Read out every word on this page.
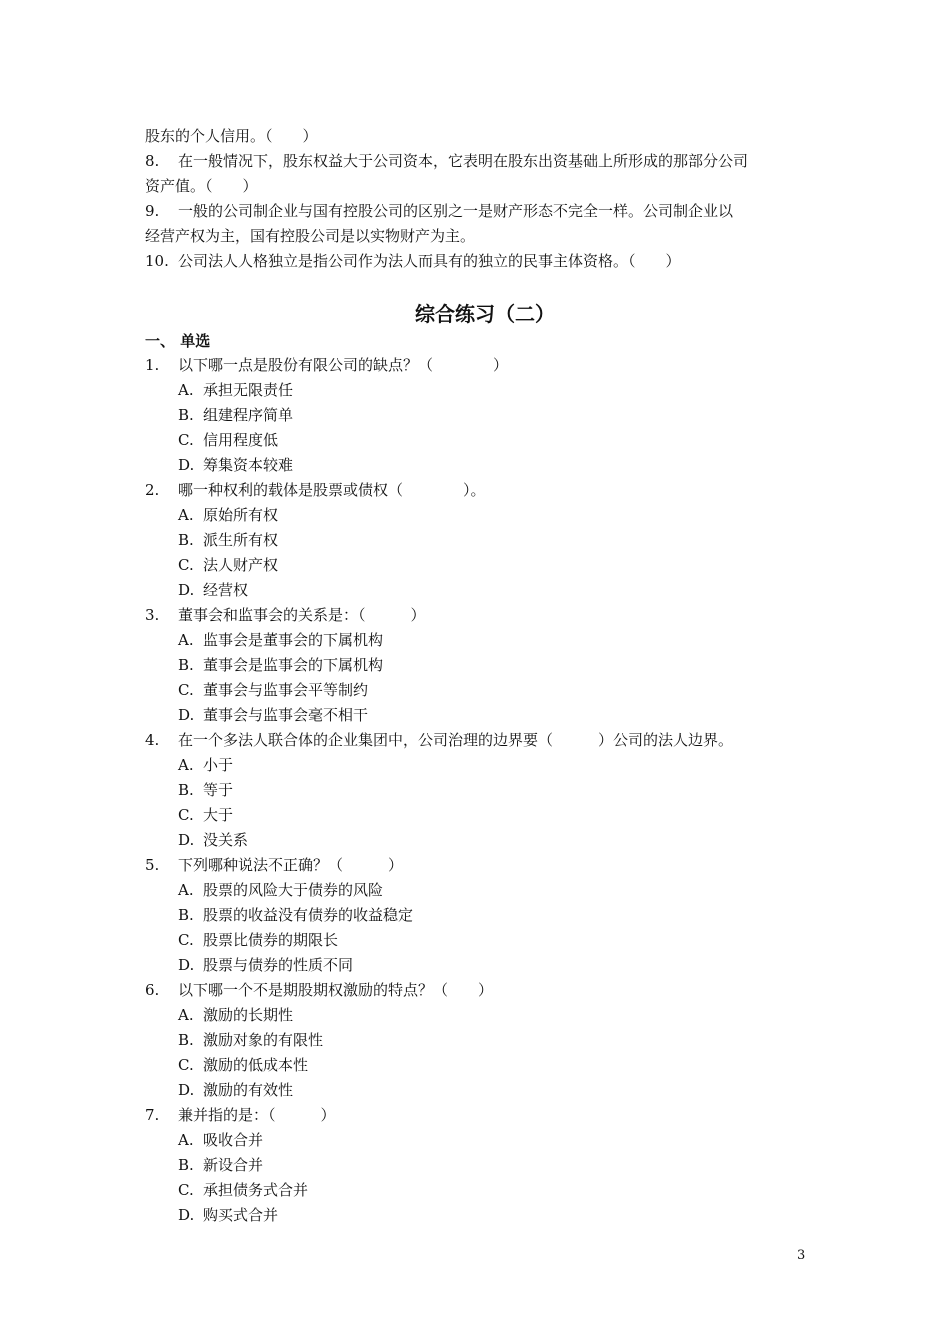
股东的个人信用。（　　）
8. 在一般情况下，股东权益大于公司资本，它表明在股东出资基础上所形成的那部分公司
资产值。（　　）
9. 一般的公司制企业与国有控股公司的区别之一是财产形态不完全一样。公司制企业以
经营产权为主，国有控股公司是以实物财产为主。
10. 公司法人人格独立是指公司作为法人而具有的独立的民事主体资格。（　　）
综合练习（二）
一、 单选
1. 以下哪一点是股份有限公司的缺点？（　　　　）
A. 承担无限责任
B. 组建程序简单
C. 信用程度低
D. 筹集资本较难
2. 哪一种权利的载体是股票或债权（　　　　）。
A. 原始所有权
B. 派生所有权
C. 法人财产权
D. 经营权
3. 董事会和监事会的关系是：（　　　）
A. 监事会是董事会的下属机构
B. 董事会是监事会的下属机构
C. 董事会与监事会平等制约
D. 董事会与监事会毫不相干
4. 在一个多法人联合体的企业集团中，公司治理的边界要（　　　）公司的法人边界。
A. 小于
B. 等于
C. 大于
D. 没关系
5. 下列哪种说法不正确？（　　　）
A. 股票的风险大于债券的风险
B. 股票的收益没有债券的收益稳定
C. 股票比债券的期限长
D. 股票与债券的性质不同
6. 以下哪一个不是期股期权激励的特点？（　　）
A. 激励的长期性
B. 激励对象的有限性
C. 激励的低成本性
D. 激励的有效性
7. 兼并指的是：（　　　）
A. 吸收合并
B. 新设合并
C. 承担债务式合并
D. 购买式合并
3
